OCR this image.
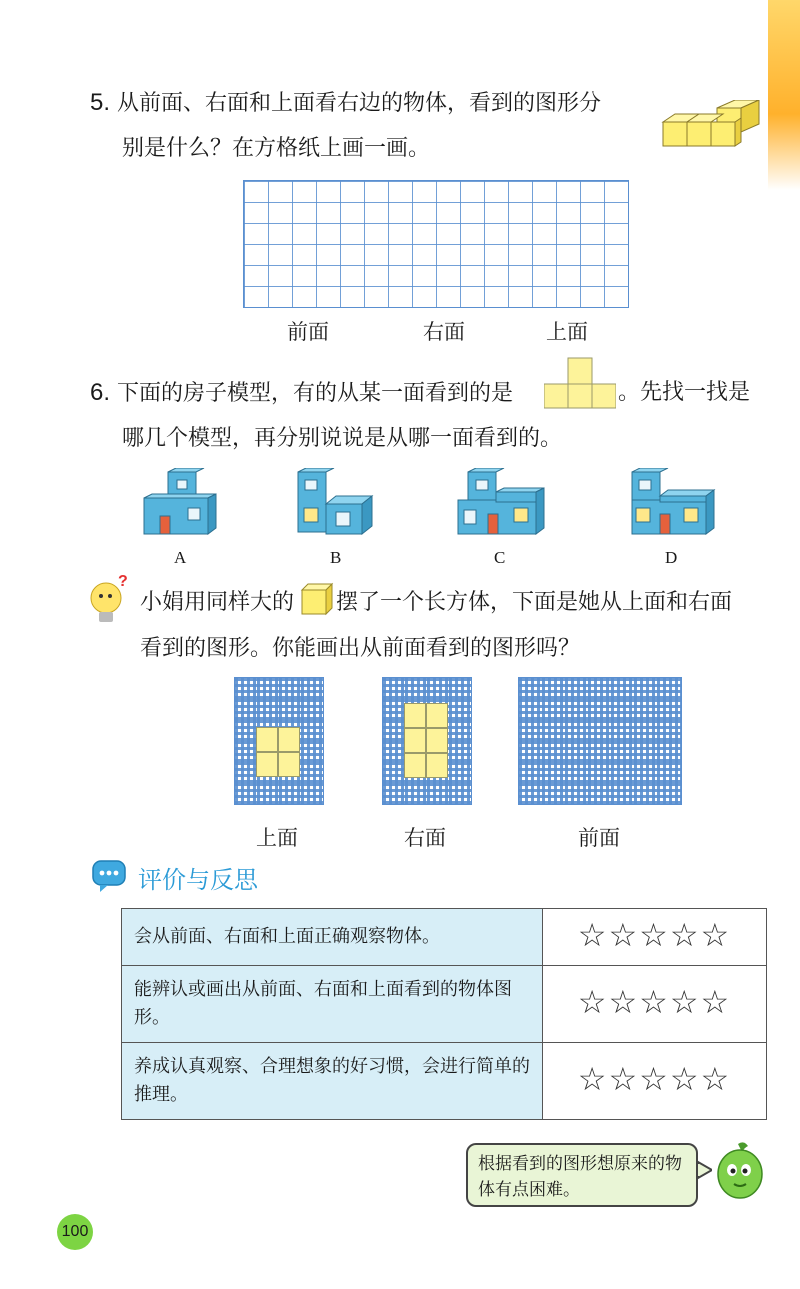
5. 从前面、右面和上面看右边的物体，看到的图形分
别是什么？在方格纸上画一画。
前面	右面	上面
6. 下面的房子模型，有的从某一面看到的是	。先找一找是
哪几个模型，再分别说说是从哪一面看到的。
A	B	C	D
?
小娟用同样大的 摆了一个长方体，下面是她从上面和右面
看到的图形。你能画出从前面看到的图形吗？
上面	右面	前面
评价与反思
会从前面、右面和上面正确观察物体。	☆☆☆☆☆
能辨认或画出从前面、右面和上面看到的物体图形。	☆☆☆☆☆
养成认真观察、合理想象的好习惯，会进行简单的推理。	☆☆☆☆☆
根据看到的图形想原来的物体有点困难。
100
